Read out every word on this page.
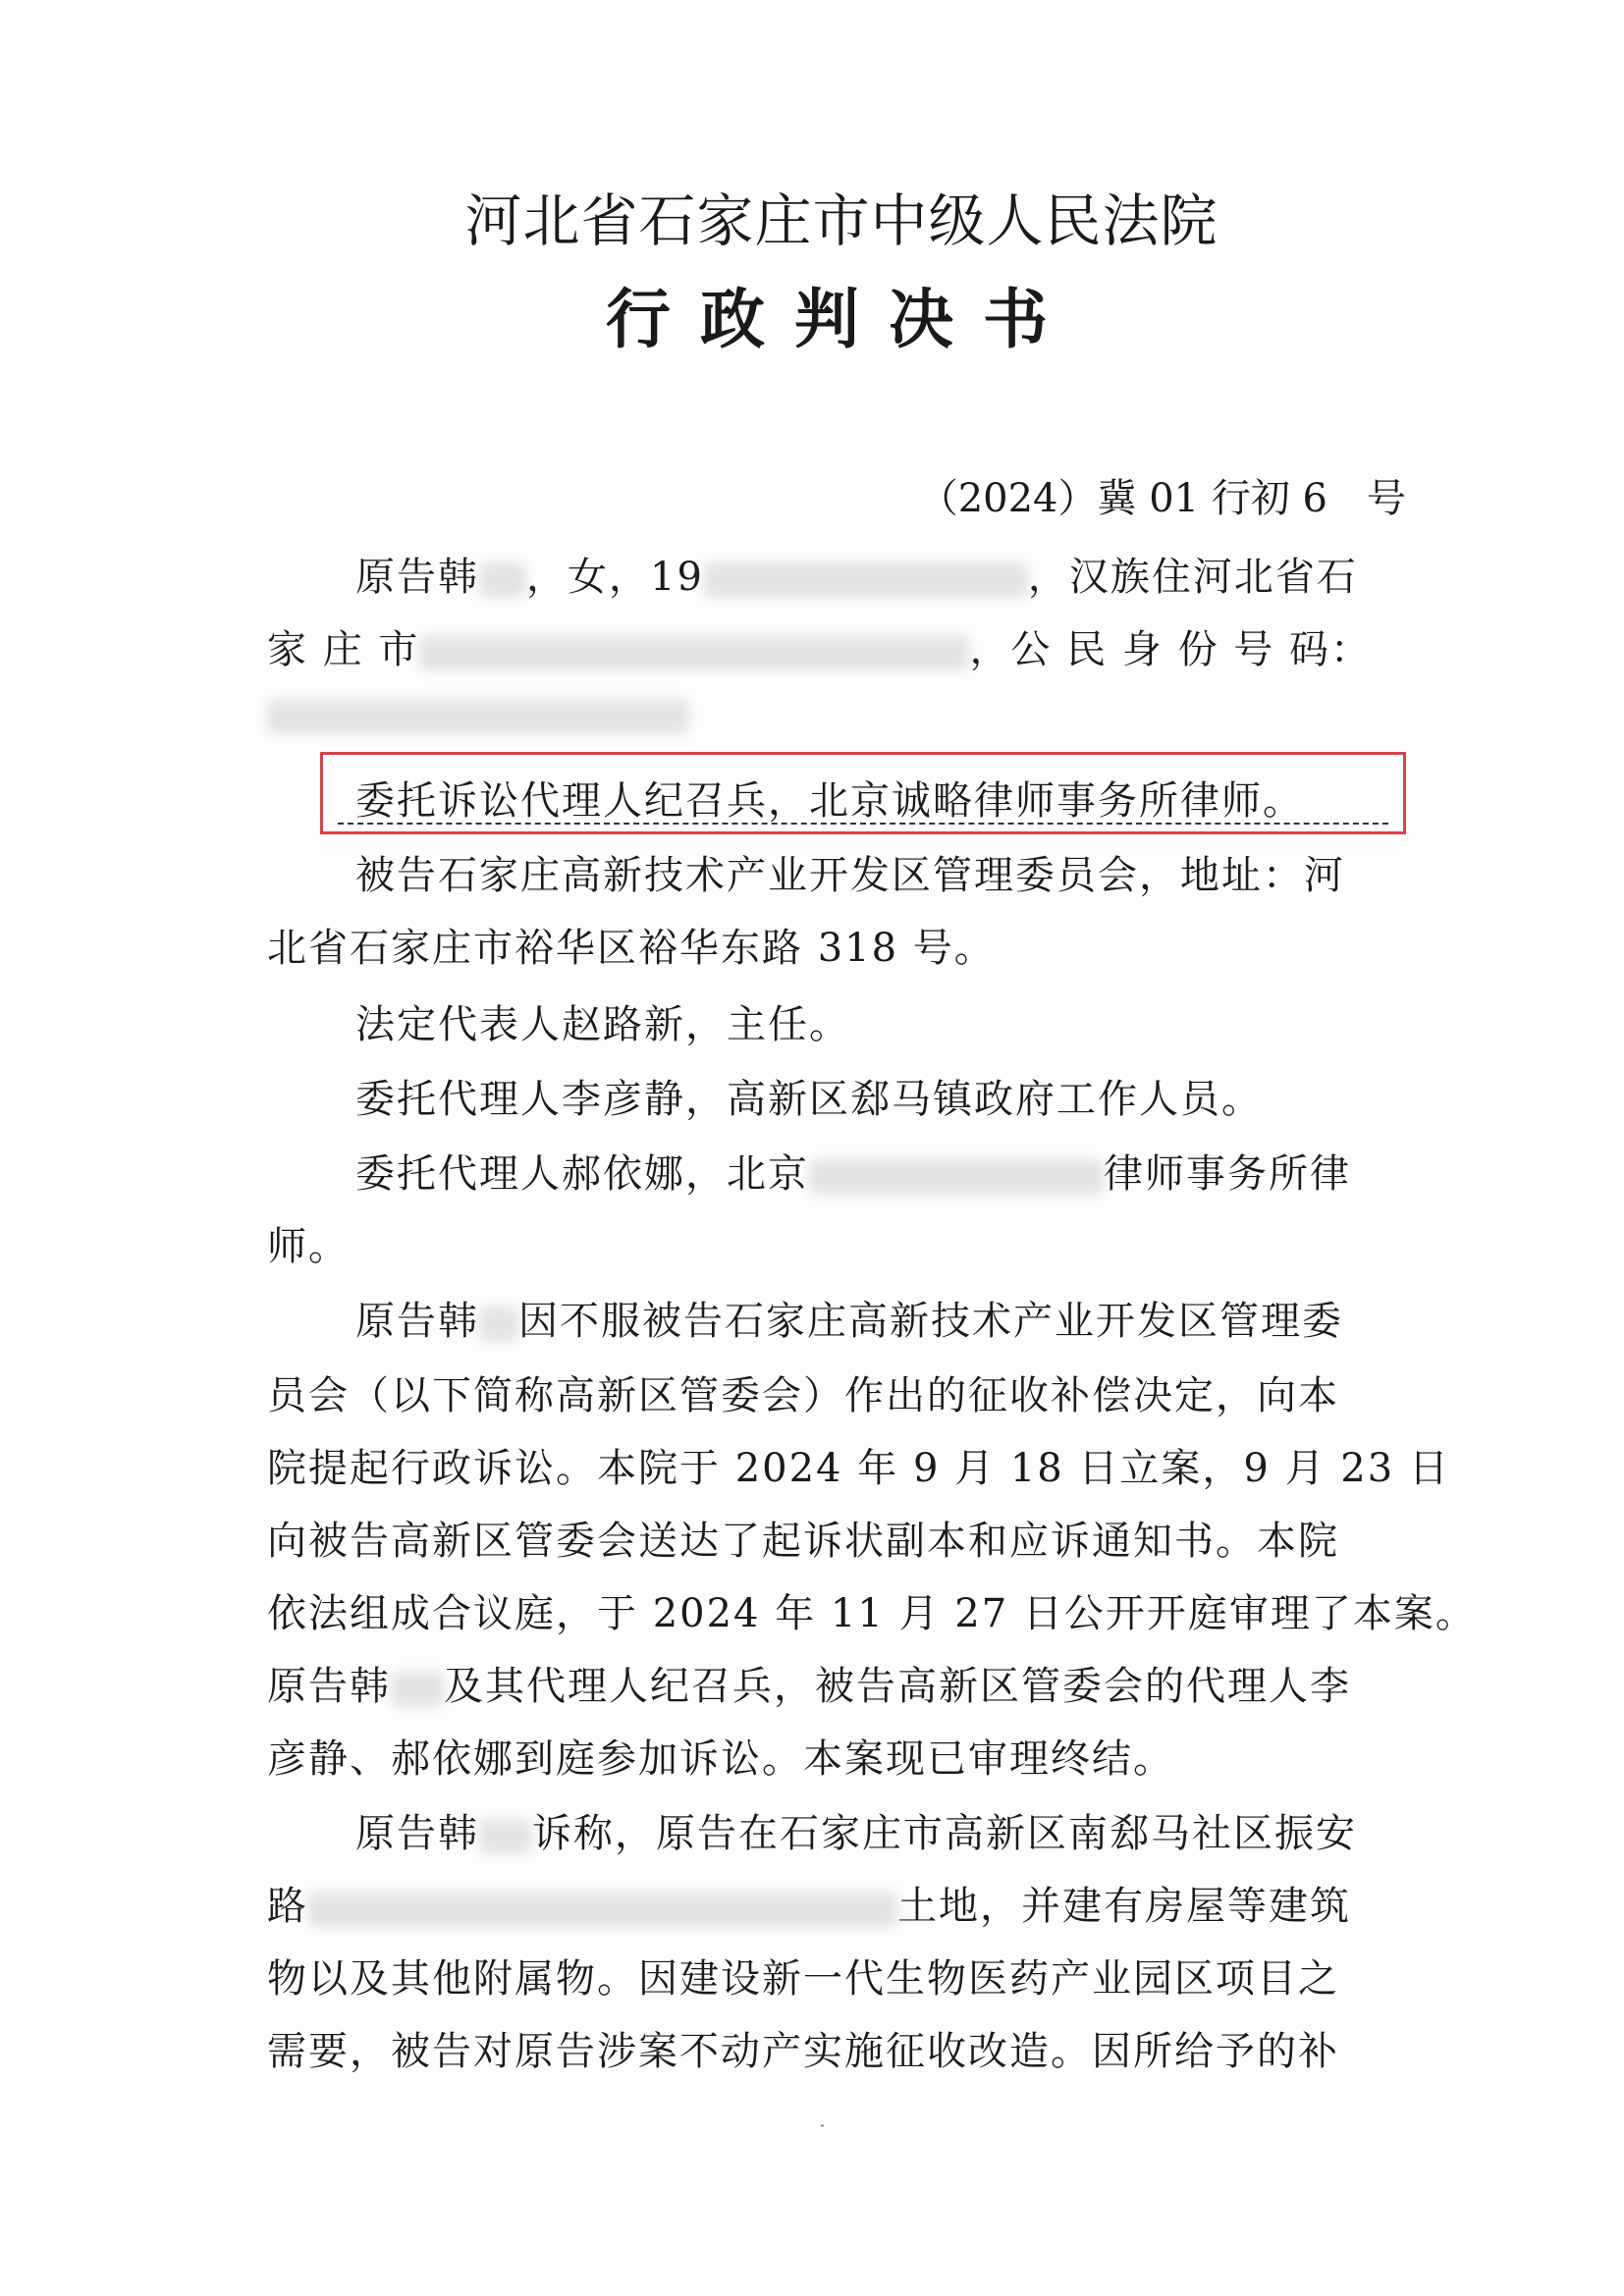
河北省石家庄市中级人民法院
行政判决书
（2024）冀 01 行初 6　号
原告韩 ，女，19	，汉族住河北省石
家 庄 市	，公 民 身 份 号 码：
委托诉讼代理人纪召兵，北京诚略律师事务所律师。
被告石家庄高新技术产业开发区管理委员会，地址：河
北省石家庄市裕华区裕华东路 318 号。
法定代表人赵路新，主任。
委托代理人李彦静，高新区郄马镇政府工作人员。
委托代理人郝依娜，北京	律师事务所律
师。
原告韩 因不服被告石家庄高新技术产业开发区管理委
员会（以下简称高新区管委会）作出的征收补偿决定，向本
院提起行政诉讼。本院于 2024 年 9 月 18 日立案，9 月 23 日
向被告高新区管委会送达了起诉状副本和应诉通知书。本院
依法组成合议庭，于 2024 年 11 月 27 日公开开庭审理了本案。
原告韩 及其代理人纪召兵，被告高新区管委会的代理人李
彦静、郝依娜到庭参加诉讼。本案现已审理终结。
原告韩 诉称，原告在石家庄市高新区南郄马社区振安
路	土地，并建有房屋等建筑
物以及其他附属物。因建设新一代生物医药产业园区项目之
需要，被告对原告涉案不动产实施征收改造。因所给予的补
